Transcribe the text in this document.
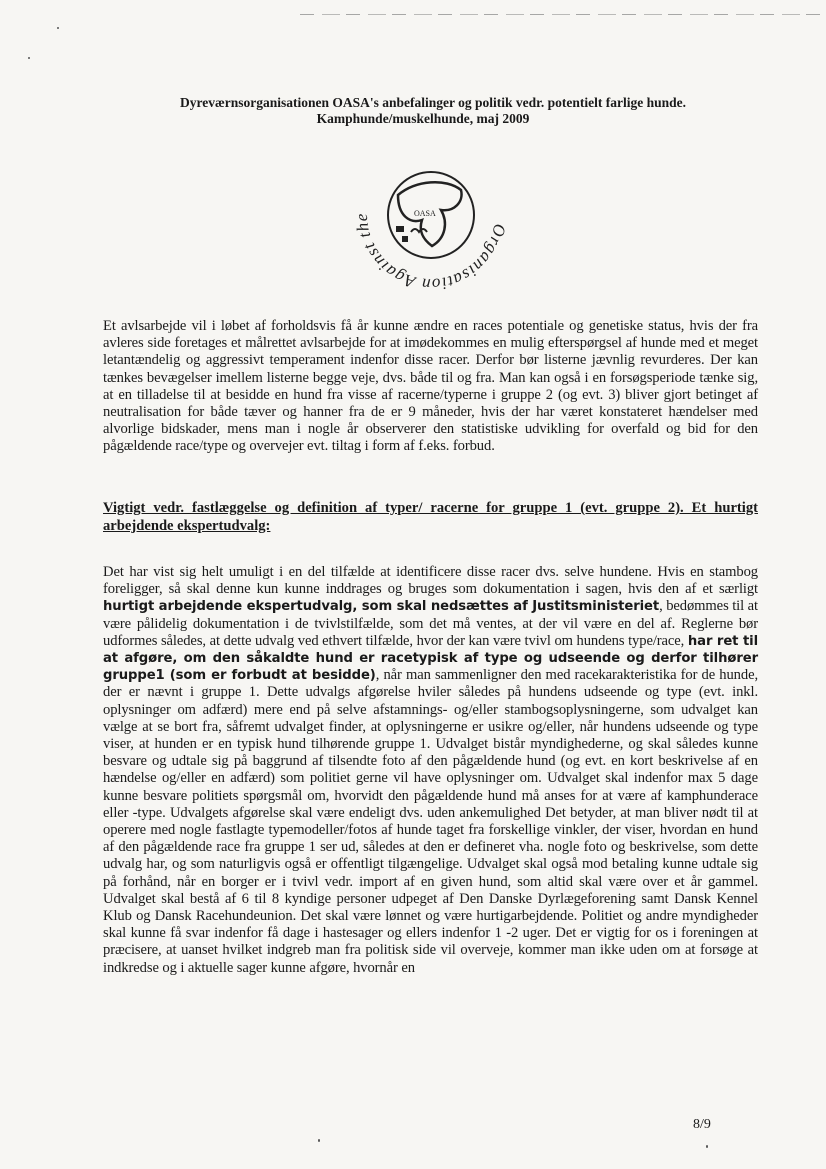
Dyreværnsorganisationen OASA's anbefalinger og politik vedr. potentielt farlige hunde.
Kamphunde/muskelhunde, maj 2009
Organisation Against the	OASA
Et avlsarbejde vil i løbet af forholdsvis få år kunne ændre en races potentiale og genetiske status, hvis der fra avleres side foretages et målrettet avlsarbejde for at imødekommes en mulig efterspørgsel af hunde med et meget letantændelig og aggressivt temperament indenfor disse racer. Derfor bør listerne jævnlig revurderes. Der kan tænkes bevægelser imellem listerne begge veje, dvs. både til og fra. Man kan også i en forsøgsperiode tænke sig, at en tilladelse til at besidde en hund fra visse af racerne/typerne i gruppe 2 (og evt. 3) bliver gjort betinget af neutralisation for både tæver og hanner fra de er 9 måneder, hvis der har været konstateret hændelser med alvorlige bidskader, mens man i nogle år observerer den statistiske udvikling for overfald og bid for den pågældende race/type og overvejer evt. tiltag i form af f.eks. forbud.
Vigtigt vedr. fastlæggelse og definition af typer/ racerne for gruppe 1 (evt. gruppe 2). Et hurtigt arbejdende ekspertudvalg:
Det har vist sig helt umuligt i en del tilfælde at identificere disse racer dvs. selve hundene. Hvis en stambog foreligger, så skal denne kun kunne inddrages og bruges som dokumentation i sagen, hvis den af et særligt hurtigt arbejdende ekspertudvalg, som skal nedsættes af Justitsministeriet, bedømmes til at være pålidelig dokumentation i de tvivlstilfælde, som det må ventes, at der vil være en del af. Reglerne bør udformes således, at dette udvalg ved ethvert tilfælde, hvor der kan være tvivl om hundens type/race, har ret til at afgøre, om den såkaldte hund er racetypisk af type og udseende og derfor tilhører gruppe1 (som er forbudt at besidde), når man sammenligner den med racekarakteristika for de hunde, der er nævnt i gruppe 1. Dette udvalgs afgørelse hviler således på hundens udseende og type (evt. inkl. oplysninger om adfærd) mere end på selve afstamnings- og/eller stambogsoplysningerne, som udvalget kan vælge at se bort fra, såfremt udvalget finder, at oplysningerne er usikre og/eller, når hundens udseende og type viser, at hunden er en typisk hund tilhørende gruppe 1. Udvalget bistår myndighederne, og skal således kunne besvare og udtale sig på baggrund af tilsendte foto af den pågældende hund (og evt. en kort beskrivelse af en hændelse og/eller en adfærd) som politiet gerne vil have oplysninger om. Udvalget skal indenfor max 5 dage kunne besvare politiets spørgsmål om, hvorvidt den pågældende hund må anses for at være af kamphunderace eller -type. Udvalgets afgørelse skal være endeligt dvs. uden ankemulighed Det betyder, at man bliver nødt til at operere med nogle fastlagte typemodeller/fotos af hunde taget fra forskellige vinkler, der viser, hvordan en hund af den pågældende race fra gruppe 1 ser ud, således at den er defineret vha. nogle foto og beskrivelse, som dette udvalg har, og som naturligvis også er offentligt tilgængelige. Udvalget skal også mod betaling kunne udtale sig på forhånd, når en borger er i tvivl vedr. import af en given hund, som altid skal være over et år gammel. Udvalget skal bestå af 6 til 8 kyndige personer udpeget af Den Danske Dyrlægeforening samt Dansk Kennel Klub og Dansk Racehundeunion. Det skal være lønnet og være hurtigarbejdende. Politiet og andre myndigheder skal kunne få svar indenfor få dage i hastesager og ellers indenfor 1 -2 uger. Det er vigtig for os i foreningen at præcisere, at uanset hvilket indgreb man fra politisk side vil overveje, kommer man ikke uden om at forsøge at indkredse og i aktuelle sager kunne afgøre, hvornår en
8/9
